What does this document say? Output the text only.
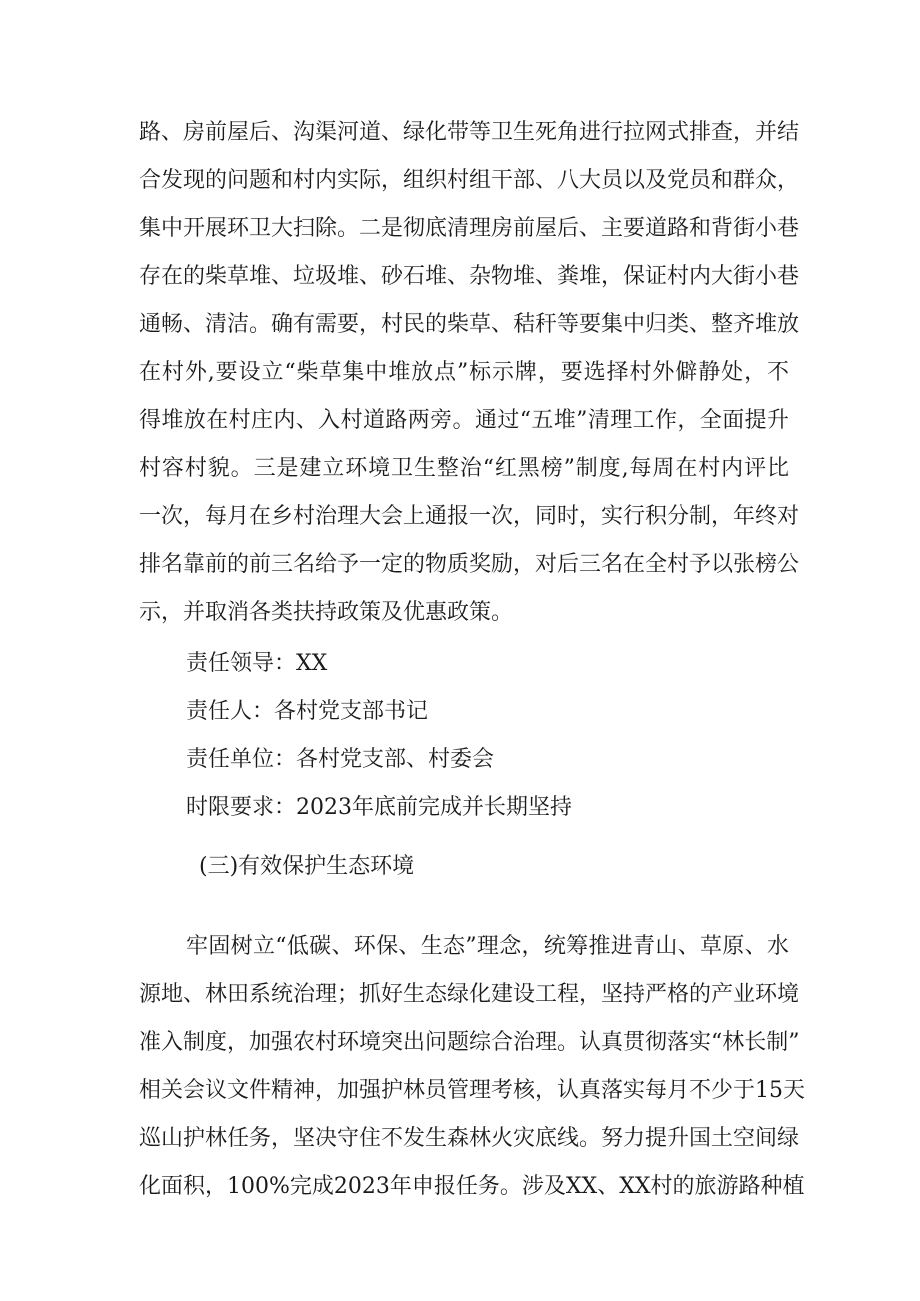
路、房前屋后、沟渠河道、绿化带等卫生死角进行拉网式排查，并结
合发现的问题和村内实际，组织村组干部、八大员以及党员和群众，
集中开展环卫大扫除。二是彻底清理房前屋后、主要道路和背街小巷
存在的柴草堆、垃圾堆、砂石堆、杂物堆、粪堆，保证村内大街小巷
通畅、清洁。确有需要，村民的柴草、秸秆等要集中归类、整齐堆放
在村外,要设立“柴草集中堆放点”标示牌，要选择村外僻静处，不
得堆放在村庄内、入村道路两旁。通过“五堆”清理工作，全面提升
村容村貌。三是建立环境卫生整治“红黑榜”制度,每周在村内评比
一次，每月在乡村治理大会上通报一次，同时，实行积分制，年终对
排名靠前的前三名给予一定的物质奖励，对后三名在全村予以张榜公
示，并取消各类扶持政策及优惠政策。
责任领导：XX
责任人：各村党支部书记
责任单位：各村党支部、村委会
时限要求：2023年底前完成并长期坚持
(三)有效保护生态环境
牢固树立“低碳、环保、生态”理念，统筹推进青山、草原、水
源地、林田系统治理；抓好生态绿化建设工程，坚持严格的产业环境
准入制度，加强农村环境突出问题综合治理。认真贯彻落实“林长制”
相关会议文件精神，加强护林员管理考核，认真落实每月不少于15天
巡山护林任务，坚决守住不发生森林火灾底线。努力提升国土空间绿
化面积，100%完成2023年申报任务。涉及XX、XX村的旅游路种植
